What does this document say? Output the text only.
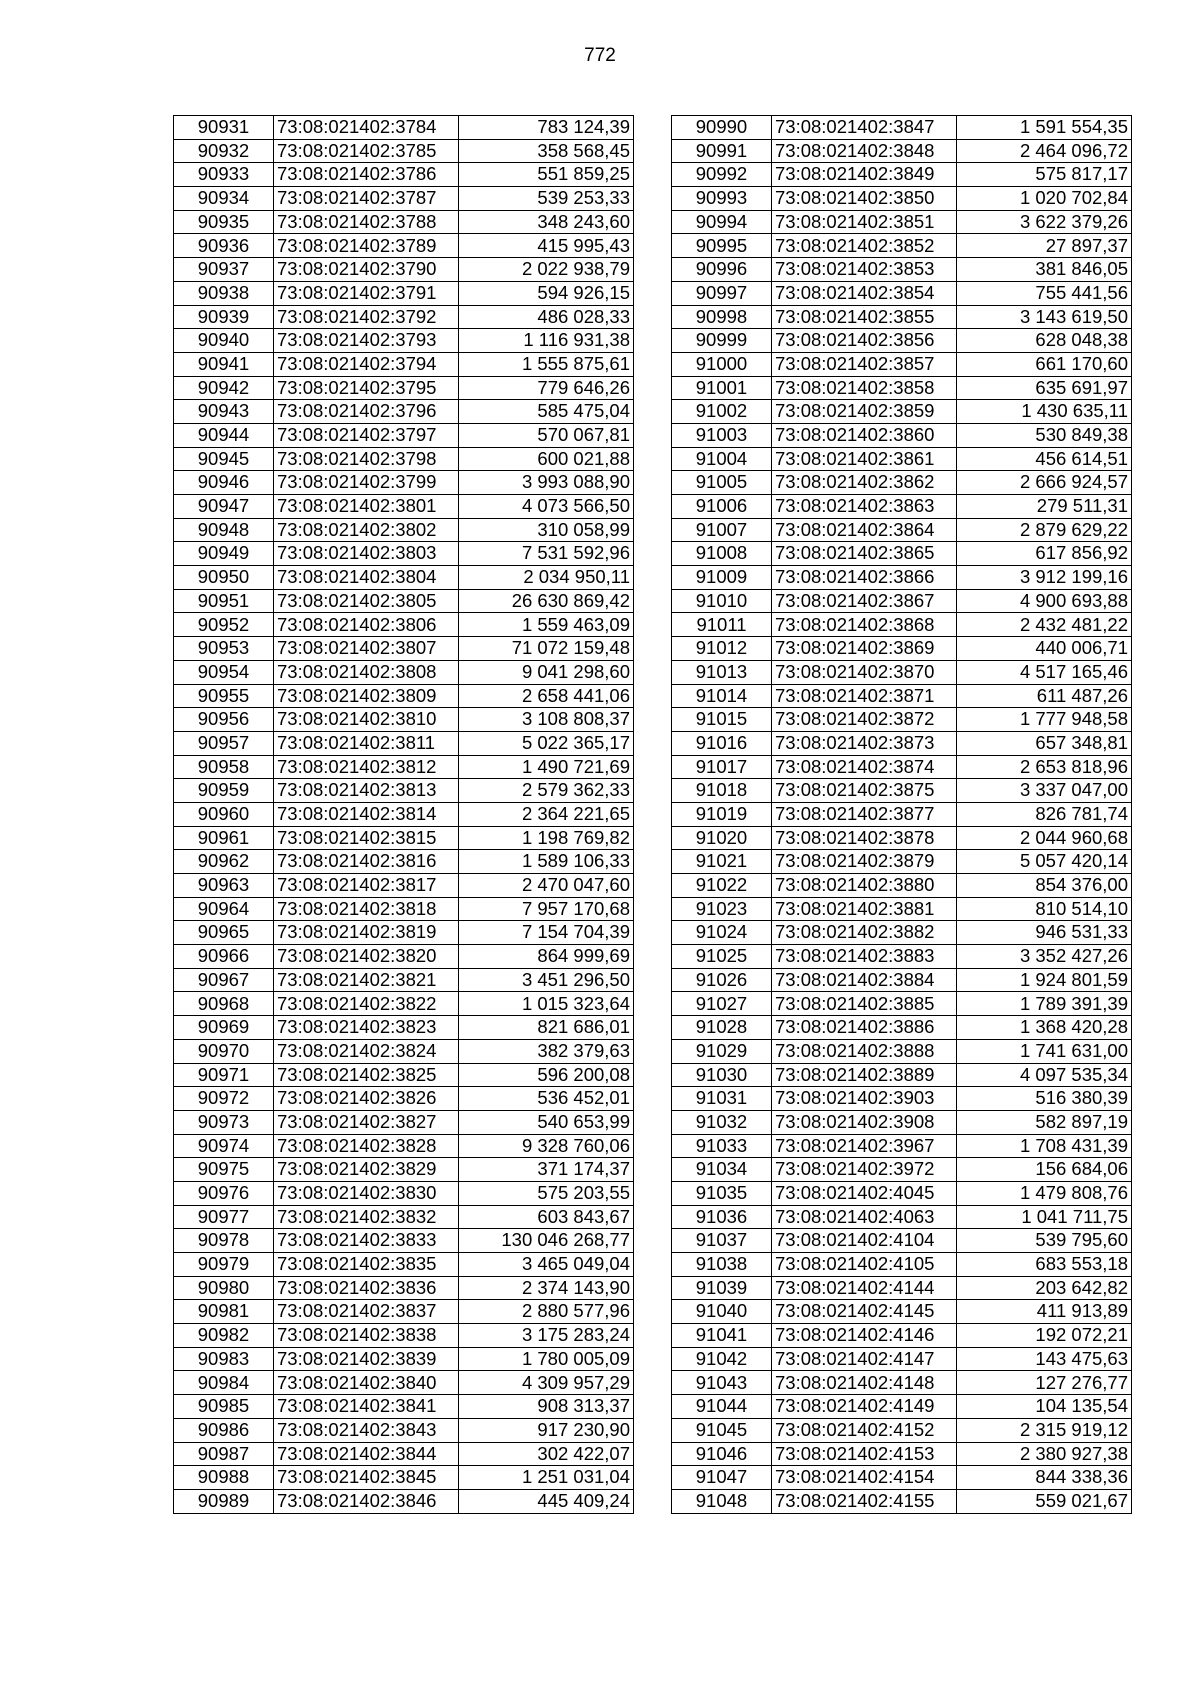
772
90931	73:08:021402:3784	783 124,39
90932	73:08:021402:3785	358 568,45
90933	73:08:021402:3786	551 859,25
90934	73:08:021402:3787	539 253,33
90935	73:08:021402:3788	348 243,60
90936	73:08:021402:3789	415 995,43
90937	73:08:021402:3790	2 022 938,79
90938	73:08:021402:3791	594 926,15
90939	73:08:021402:3792	486 028,33
90940	73:08:021402:3793	1 116 931,38
90941	73:08:021402:3794	1 555 875,61
90942	73:08:021402:3795	779 646,26
90943	73:08:021402:3796	585 475,04
90944	73:08:021402:3797	570 067,81
90945	73:08:021402:3798	600 021,88
90946	73:08:021402:3799	3 993 088,90
90947	73:08:021402:3801	4 073 566,50
90948	73:08:021402:3802	310 058,99
90949	73:08:021402:3803	7 531 592,96
90950	73:08:021402:3804	2 034 950,11
90951	73:08:021402:3805	26 630 869,42
90952	73:08:021402:3806	1 559 463,09
90953	73:08:021402:3807	71 072 159,48
90954	73:08:021402:3808	9 041 298,60
90955	73:08:021402:3809	2 658 441,06
90956	73:08:021402:3810	3 108 808,37
90957	73:08:021402:3811	5 022 365,17
90958	73:08:021402:3812	1 490 721,69
90959	73:08:021402:3813	2 579 362,33
90960	73:08:021402:3814	2 364 221,65
90961	73:08:021402:3815	1 198 769,82
90962	73:08:021402:3816	1 589 106,33
90963	73:08:021402:3817	2 470 047,60
90964	73:08:021402:3818	7 957 170,68
90965	73:08:021402:3819	7 154 704,39
90966	73:08:021402:3820	864 999,69
90967	73:08:021402:3821	3 451 296,50
90968	73:08:021402:3822	1 015 323,64
90969	73:08:021402:3823	821 686,01
90970	73:08:021402:3824	382 379,63
90971	73:08:021402:3825	596 200,08
90972	73:08:021402:3826	536 452,01
90973	73:08:021402:3827	540 653,99
90974	73:08:021402:3828	9 328 760,06
90975	73:08:021402:3829	371 174,37
90976	73:08:021402:3830	575 203,55
90977	73:08:021402:3832	603 843,67
90978	73:08:021402:3833	130 046 268,77
90979	73:08:021402:3835	3 465 049,04
90980	73:08:021402:3836	2 374 143,90
90981	73:08:021402:3837	2 880 577,96
90982	73:08:021402:3838	3 175 283,24
90983	73:08:021402:3839	1 780 005,09
90984	73:08:021402:3840	4 309 957,29
90985	73:08:021402:3841	908 313,37
90986	73:08:021402:3843	917 230,90
90987	73:08:021402:3844	302 422,07
90988	73:08:021402:3845	1 251 031,04
90989	73:08:021402:3846	445 409,24
90990	73:08:021402:3847	1 591 554,35
90991	73:08:021402:3848	2 464 096,72
90992	73:08:021402:3849	575 817,17
90993	73:08:021402:3850	1 020 702,84
90994	73:08:021402:3851	3 622 379,26
90995	73:08:021402:3852	27 897,37
90996	73:08:021402:3853	381 846,05
90997	73:08:021402:3854	755 441,56
90998	73:08:021402:3855	3 143 619,50
90999	73:08:021402:3856	628 048,38
91000	73:08:021402:3857	661 170,60
91001	73:08:021402:3858	635 691,97
91002	73:08:021402:3859	1 430 635,11
91003	73:08:021402:3860	530 849,38
91004	73:08:021402:3861	456 614,51
91005	73:08:021402:3862	2 666 924,57
91006	73:08:021402:3863	279 511,31
91007	73:08:021402:3864	2 879 629,22
91008	73:08:021402:3865	617 856,92
91009	73:08:021402:3866	3 912 199,16
91010	73:08:021402:3867	4 900 693,88
91011	73:08:021402:3868	2 432 481,22
91012	73:08:021402:3869	440 006,71
91013	73:08:021402:3870	4 517 165,46
91014	73:08:021402:3871	611 487,26
91015	73:08:021402:3872	1 777 948,58
91016	73:08:021402:3873	657 348,81
91017	73:08:021402:3874	2 653 818,96
91018	73:08:021402:3875	3 337 047,00
91019	73:08:021402:3877	826 781,74
91020	73:08:021402:3878	2 044 960,68
91021	73:08:021402:3879	5 057 420,14
91022	73:08:021402:3880	854 376,00
91023	73:08:021402:3881	810 514,10
91024	73:08:021402:3882	946 531,33
91025	73:08:021402:3883	3 352 427,26
91026	73:08:021402:3884	1 924 801,59
91027	73:08:021402:3885	1 789 391,39
91028	73:08:021402:3886	1 368 420,28
91029	73:08:021402:3888	1 741 631,00
91030	73:08:021402:3889	4 097 535,34
91031	73:08:021402:3903	516 380,39
91032	73:08:021402:3908	582 897,19
91033	73:08:021402:3967	1 708 431,39
91034	73:08:021402:3972	156 684,06
91035	73:08:021402:4045	1 479 808,76
91036	73:08:021402:4063	1 041 711,75
91037	73:08:021402:4104	539 795,60
91038	73:08:021402:4105	683 553,18
91039	73:08:021402:4144	203 642,82
91040	73:08:021402:4145	411 913,89
91041	73:08:021402:4146	192 072,21
91042	73:08:021402:4147	143 475,63
91043	73:08:021402:4148	127 276,77
91044	73:08:021402:4149	104 135,54
91045	73:08:021402:4152	2 315 919,12
91046	73:08:021402:4153	2 380 927,38
91047	73:08:021402:4154	844 338,36
91048	73:08:021402:4155	559 021,67
